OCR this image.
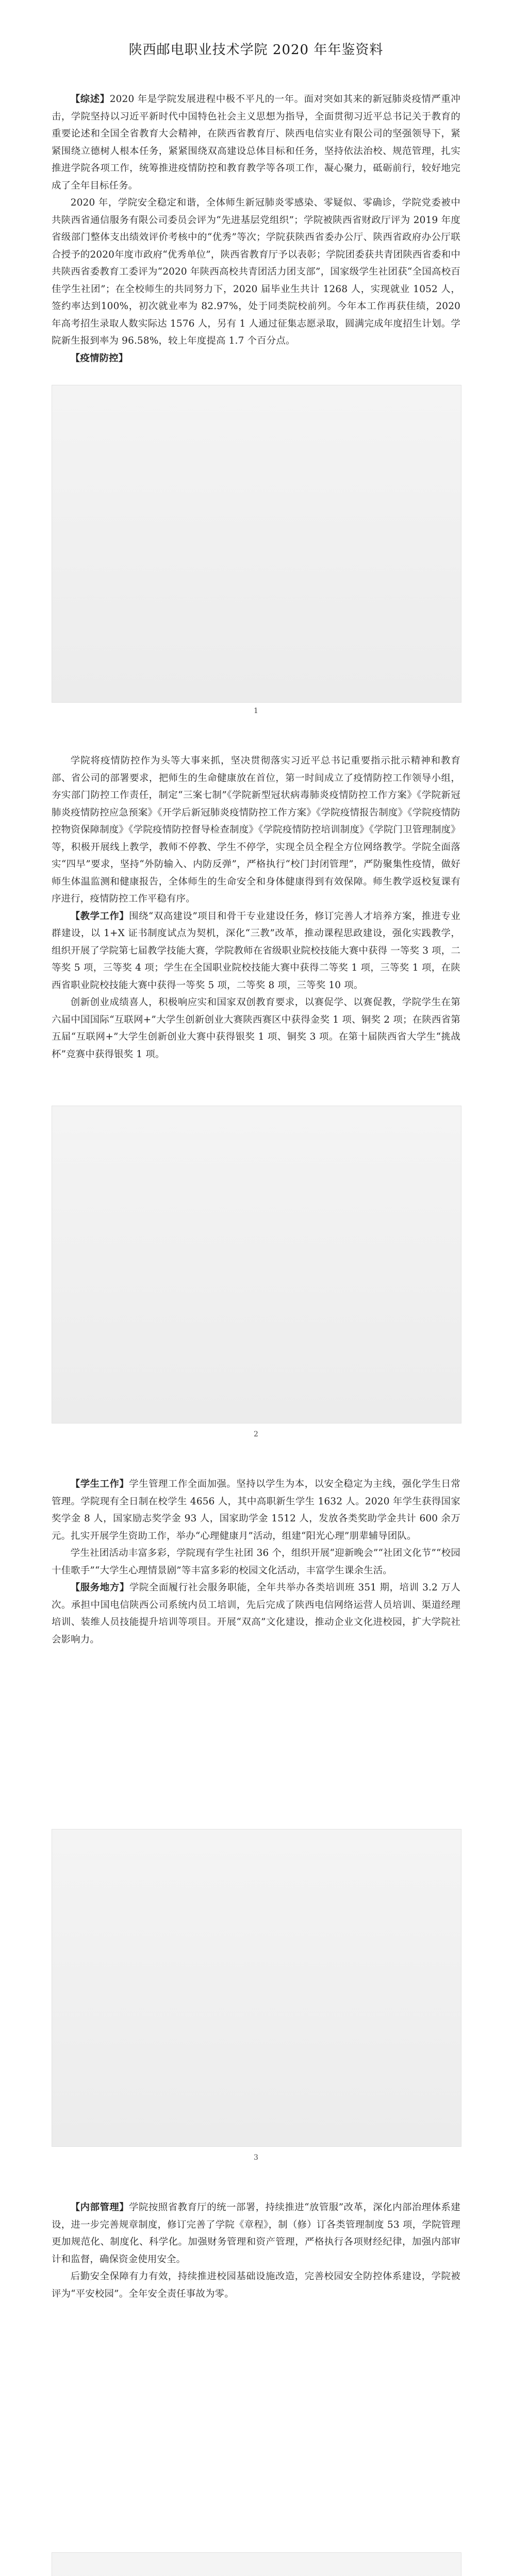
陕西邮电职业技术学院 2020 年年鉴资料

【综述】2020 年是学院发展进程中极不平凡的一年。面对突如其来的新冠肺炎疫情严重冲击，学院坚持以习近平新时代中国特色社会主义思想为指导，全面贯彻习近平总书记关于教育的重要论述和全国全省教育大会精神，在陕西省教育厅、陕西电信实业有限公司的坚强领导下，紧紧围绕立德树人根本任务，紧紧围绕双高建设总体目标和任务，坚持依法治校、规范管理，扎实推进学院各项工作，统筹推进疫情防控和教育教学等各项工作，凝心聚力，砥砺前行，较好地完成了全年目标任务。

2020 年，学院安全稳定和谐，全体师生新冠肺炎零感染、零疑似、零确诊，学院党委被中共陕西省通信服务有限公司委员会评为“先进基层党组织”；学院被陕西省财政厅评为 2019 年度省级部门整体支出绩效评价考核中的“优秀”等次；学院获陕西省委办公厅、陕西省政府办公厅联合授予的2020年度市政府“优秀单位”，陕西省教育厅予以表彰；学院团委获共青团陕西省委和中共陕西省委教育工委评为“2020 年陕西高校共青团活力团支部”，国家级学生社团获“全国高校百佳学生社团”；在全校师生的共同努力下，2020 届毕业生共计 1268 人，实现就业 1052 人，签约率达到100%，初次就业率为 82.97%，处于同类院校前列。今年本工作再获佳绩，2020 年高考招生录取人数实际达 1576 人，另有 1 人通过征集志愿录取，圆满完成年度招生计划。学院新生报到率为 96.58%，较上年度提高 1.7 个百分点。

【疫情防控】

1

学院将疫情防控作为头等大事来抓，坚决贯彻落实习近平总书记重要指示批示精神和教育部、省公司的部署要求，把师生的生命健康放在首位，第一时间成立了疫情防控工作领导小组，夯实部门防控工作责任，制定“三案七制”《学院新型冠状病毒肺炎疫情防控工作方案》《学院新冠肺炎疫情防控应急预案》《开学后新冠肺炎疫情防控工作方案》《学院疫情报告制度》《学院疫情防控物资保障制度》《学院疫情防控督导检查制度》《学院疫情防控培训制度》《学院门卫管理制度》等，积极开展线上教学，教师不停教、学生不停学，实现全员全程全方位网络教学。学院全面落实“四早”要求，坚持“外防输入、内防反弹”，严格执行“校门封闭管理”，严防聚集性疫情，做好师生体温监测和健康报告，全体师生的生命安全和身体健康得到有效保障。师生教学返校复课有序进行，疫情防控工作平稳有序。

【教学工作】围绕“双高建设”项目和骨干专业建设任务，修订完善人才培养方案，推进专业群建设，以 1+X 证书制度试点为契机，深化“三教”改革，推动课程思政建设，强化实践教学，组织开展了学院第七届教学技能大赛，学院教师在省级职业院校技能大赛中获得 一等奖 3 项，二等奖 5 项，三等奖 4 项；学生在全国职业院校技能大赛中获得二等奖 1 项，三等奖 1 项，在陕西省职业院校技能大赛中获得一等奖 5 项，二等奖 8 项，三等奖 10 项。

创新创业成绩喜人，积极响应实和国家双创教育要求，以赛促学、以赛促教，学院学生在第六届中国国际“互联网+”大学生创新创业大赛陕西赛区中获得金奖 1 项、铜奖 2 项；在陕西省第五届“互联网+”大学生创新创业大赛中获得银奖 1 项、铜奖 3 项。在第十届陕西省大学生“挑战杯”竞赛中获得银奖 1 项。

2

【学生工作】学生管理工作全面加强。坚持以学生为本，以安全稳定为主线，强化学生日常管理。学院现有全日制在校学生 4656 人，其中高职新生学生 1632 人。2020 年学生获得国家奖学金 8 人，国家励志奖学金 93 人，国家助学金 1512 人，发放各类奖助学金共计 600 余万元。扎实开展学生资助工作，举办“心理健康月”活动，组建“阳光心理”朋辈辅导团队。

学生社团活动丰富多彩，学院现有学生社团 36 个，组织开展“迎新晚会”“社团文化节”“校园十佳歌手”“大学生心理情景剧”等丰富多彩的校园文化活动，丰富学生课余生活。

【服务地方】学院全面履行社会服务职能，全年共举办各类培训班 351 期，培训 3.2 万人次。承担中国电信陕西公司系统内员工培训，先后完成了陕西电信网络运营人员培训、渠道经理培训、装维人员技能提升培训等项目。开展“双高”文化建设，推动企业文化进校园，扩大学院社会影响力。

3

【内部管理】学院按照省教育厅的统一部署，持续推进“放管服”改革，深化内部治理体系建设，进一步完善规章制度，修订完善了学院《章程》，制（修）订各类管理制度 53 项，学院管理更加规范化、制度化、科学化。加强财务管理和资产管理，严格执行各项财经纪律，加强内部审计和监督，确保资金使用安全。

后勤安全保障有力有效，持续推进校园基础设施改造，完善校园安全防控体系建设，学院被评为“平安校园”。全年安全责任事故为零。
